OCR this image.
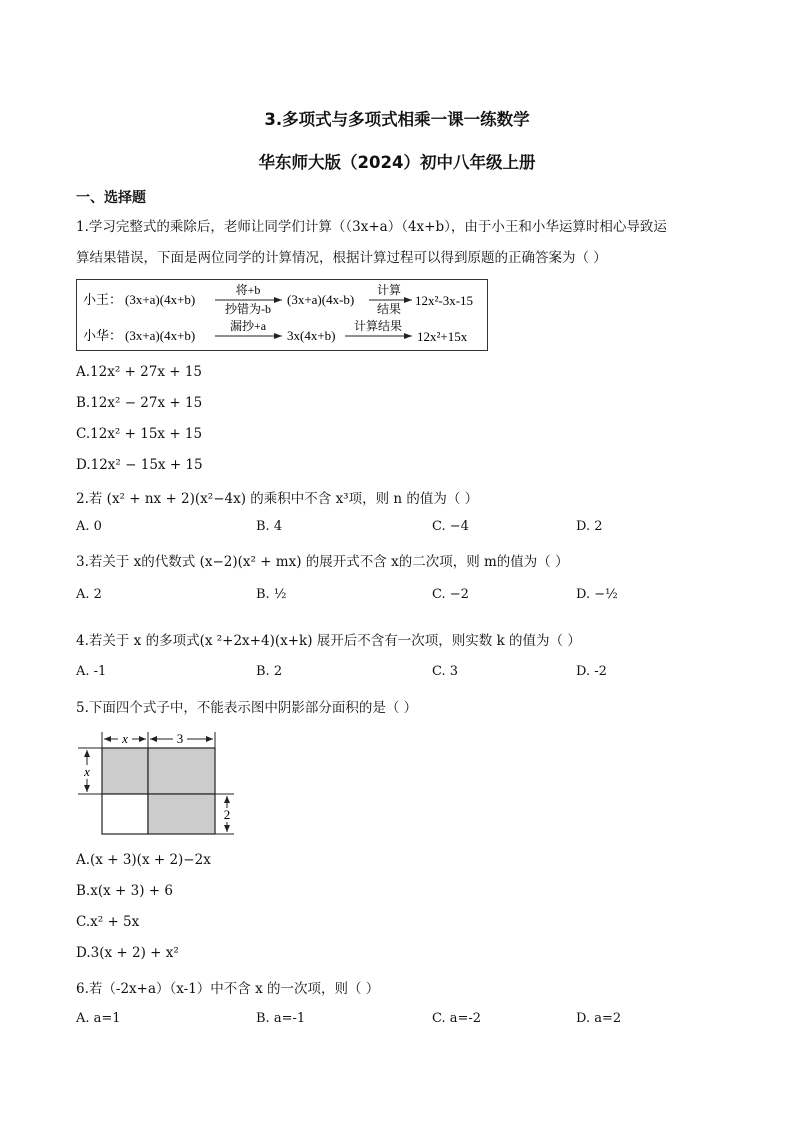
3.多项式与多项式相乘一课一练数学
华东师大版（2024）初中八年级上册
一、选择题
1.学习完整式的乘除后，老师让同学们计算（（3x+a）（4x+b），由于小王和小华运算时相心导致运
算结果错误，下面是两位同学的计算情况，根据计算过程可以得到原题的正确答案为（ ）
小王： (3x+a)(4x+b)
将+b
抄错为-b
(3x+a)(4x-b)
计算
结果
12x²-3x-15
小华： (3x+a)(4x+b)
漏抄+a
3x(4x+b)
计算结果
12x²+15x
A.12x² + 27x + 15
B.12x² − 27x + 15
C.12x² + 15x + 15
D.12x² − 15x + 15
2.若 (x² + nx + 2)(x²−4x) 的乘积中不含 x³项，则 n 的值为（ ）
A. 0	B. 4	C. −4	D. 2
3.若关于 x的代数式 (x−2)(x² + mx) 的展开式不含 x的二次项，则 m的值为（ ）
A. 2	B. ½	C. −2	D. −½
4.若关于 x 的多项式(x ²+2x+4)(x+k) 展开后不含有一次项，则实数 k 的值为（ ）
A. -1	B. 2	C. 3	D. -2
5.下面四个式子中，不能表示图中阴影部分面积的是（ ）
x	3
x
2
A.(x + 3)(x + 2)−2x
B.x(x + 3) + 6
C.x² + 5x
D.3(x + 2) + x²
6.若（-2x+a）（x-1）中不含 x 的一次项，则（ ）
A. a=1	B. a=-1	C. a=-2	D. a=2
